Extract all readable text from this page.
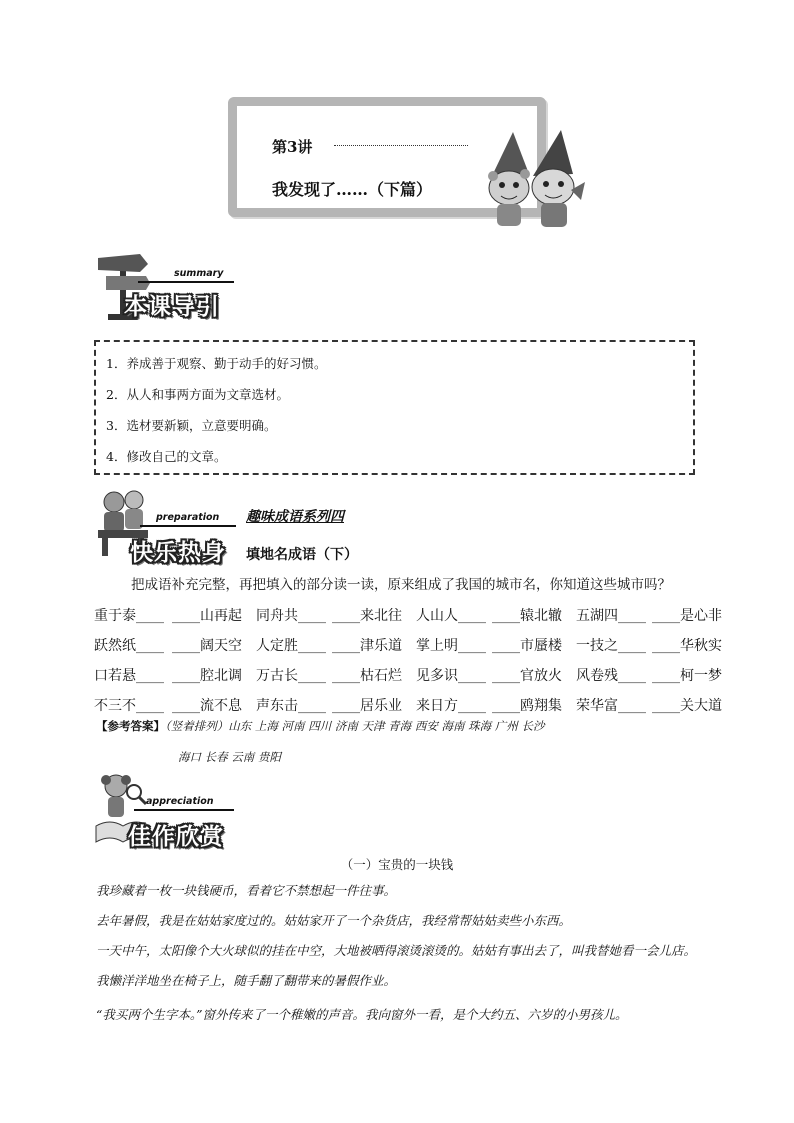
第3讲
我发现了……（下篇）
summary
本课导引
1．养成善于观察、勤于动手的好习惯。
2．从人和事两方面为文章选材。
3．选材要新颖，立意要明确。
4．修改自己的文章。
preparation
快乐热身
趣味成语系列四
填地名成语（下）
把成语补充完整，再把填入的部分读一读，原来组成了我国的城市名，你知道这些城市吗？
重于泰____ ____山再起 同舟共____ ____来北往 人山人____ ____辕北辙 五湖四____ ____是心非
跃然纸____ ____阔天空 人定胜____ ____津乐道 掌上明____ ____市蜃楼 一技之____ ____华秋实
口若悬____ ____腔北调 万古长____ ____枯石烂 见多识____ ____官放火 风卷残____ ____柯一梦
不三不____ ____流不息 声东击____ ____居乐业 来日方____ ____鸥翔集 荣华富____ ____关大道
【参考答案】（竖着排列）山东 上海 河南 四川 济南 天津 青海 西安 海南 珠海 广州 长沙
海口 长春 云南 贵阳
appreciation
佳作欣赏
（一）宝贵的一块钱
我珍藏着一枚一块钱硬币，看着它不禁想起一件往事。
去年暑假，我是在姑姑家度过的。姑姑家开了一个杂货店，我经常帮姑姑卖些小东西。
一天中午，太阳像个大火球似的挂在中空，大地被晒得滚烫滚烫的。姑姑有事出去了，叫我替她看一会儿店。我懒洋洋地坐在椅子上，随手翻了翻带来的暑假作业。
“我买两个生字本。”窗外传来了一个稚嫩的声音。我向窗外一看，是个大约五、六岁的小男孩儿。
